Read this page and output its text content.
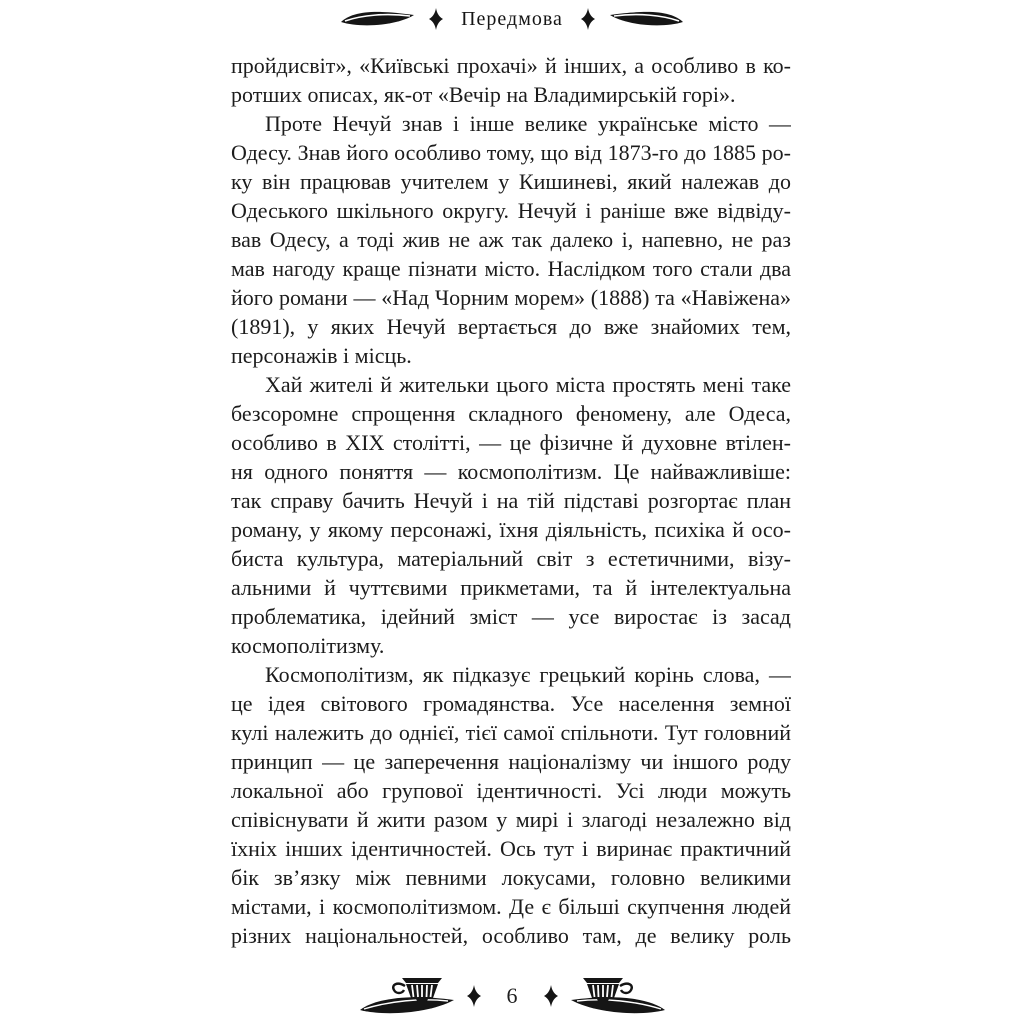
Передмова
пройдисвіт», «Київські прохачі» й інших, а особливо в ко-
ротших описах, як-от «Вечір на Владимирській горі».
Проте Нечуй знав і інше велике українське місто —
Одесу. Знав його особливо тому, що від 1873-го до 1885 ро-
ку він працював учителем у Кишиневі, який належав до
Одеського шкільного округу. Нечуй і раніше вже відвіду-
вав Одесу, а тоді жив не аж так далеко і, напевно, не раз
мав нагоду краще пізнати місто. Наслідком того стали два
його романи — «Над Чорним морем» (1888) та «Навіжена»
(1891), у яких Нечуй вертається до вже знайомих тем,
персонажів і місць.
Хай жителі й жительки цього міста простять мені таке
безсоромне спрощення складного феномену, але Одеса,
особливо в XIX столітті, — це фізичне й духовне втілен-
ня одного поняття — космополітизм. Це найважливіше:
так справу бачить Нечуй і на тій підставі розгортає план
роману, у якому персонажі, їхня діяльність, психіка й осо-
биста культура, матеріальний світ з естетичними, візу-
альними й чуттєвими прикметами, та й інтелектуальна
проблематика, ідейний зміст — усе виростає із засад
космополітизму.
Космополітизм, як підказує грецький корінь слова, —
це ідея світового громадянства. Усе населення земної
кулі належить до однієї, тієї самої спільноти. Тут головний
принцип — це заперечення націоналізму чи іншого роду
локальної або групової ідентичності. Усі люди можуть
співіснувати й жити разом у мирі і злагоді незалежно від
їхніх інших ідентичностей. Ось тут і виринає практичний
бік зв’язку між певними локусами, головно великими
містами, і космополітизмом. Де є більші скупчення людей
різних національностей, особливо там, де велику роль
6
